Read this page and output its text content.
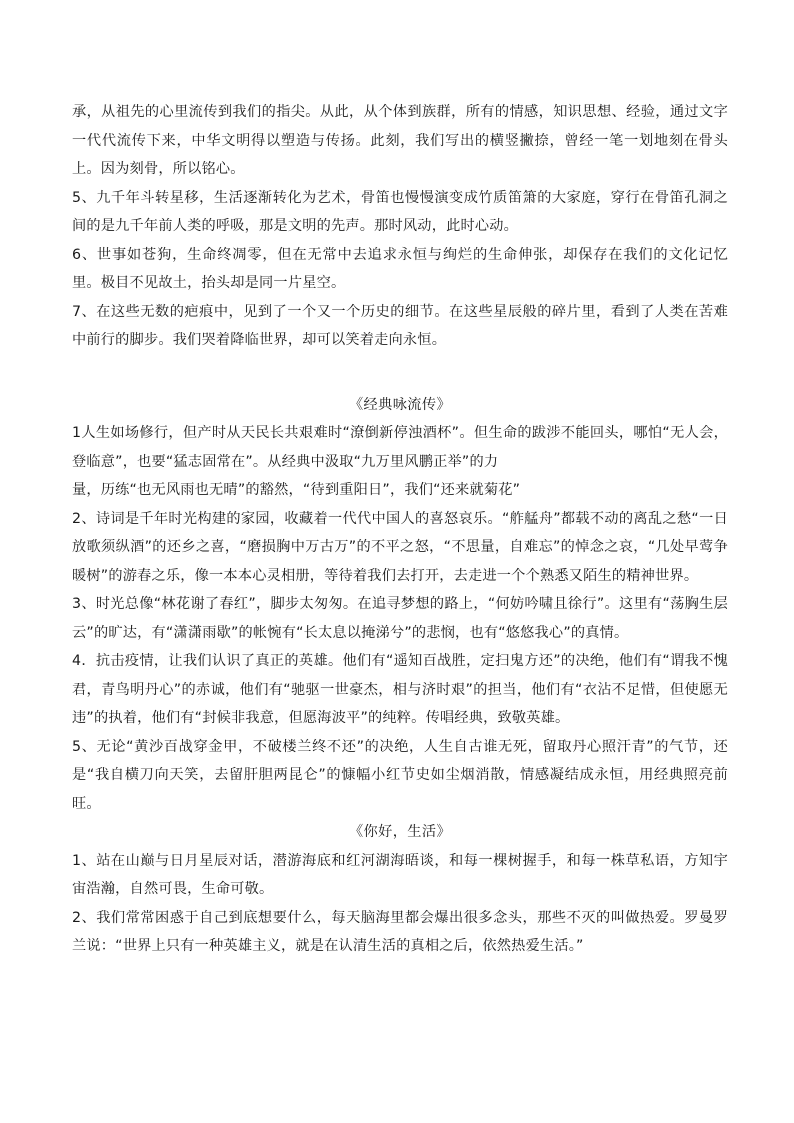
承，从祖先的心里流传到我们的指尖。从此，从个体到族群，所有的情感，知识思想、经验，通过文字一代代流传下来，中华文明得以塑造与传扬。此刻，我们写出的横竖撇捺，曾经一笔一划地刻在骨头上。因为刻骨，所以铭心。

5、九千年斗转星移，生活逐渐转化为艺术，骨笛也慢慢演变成竹质笛箫的大家庭，穿行在骨笛孔洞之间的是九千年前人类的呼吸，那是文明的先声。那时风动，此时心动。

6、世事如苍狗，生命终凋零，但在无常中去追求永恒与绚烂的生命伸张，却保存在我们的文化记忆里。极目不见故土，抬头却是同一片星空。

7、在这些无数的疤痕中，见到了一个又一个历史的细节。在这些星辰般的碎片里，看到了人类在苦难中前行的脚步。我们哭着降临世界，却可以笑着走向永恒。

《经典咏流传》

1人生如场修行，但产时从天民长共艰难时“潦倒新停浊酒杯”。但生命的跋涉不能回头，哪怕“无人会，登临意”，也要“猛志固常在”。从经典中汲取“九万里风鹏正举”的力

量，历练“也无风雨也无晴”的豁然，“待到重阳日”，我们“还来就菊花”

2、诗词是千年时光构建的家园，收藏着一代代中国人的喜怒哀乐。“舴艋舟”都载不动的离乱之愁“一日放歌须纵酒”的还乡之喜，“磨损胸中万古万”的不平之怒，“不思量，自难忘”的悼念之哀，“几处早莺争暖树”的游春之乐，像一本本心灵相册，等待着我们去打开，去走进一个个熟悉又陌生的精神世界。

3、时光总像“林花谢了春红”，脚步太匆匆。在追寻梦想的路上，“何妨吟啸且徐行”。这里有“荡胸生层云”的旷达，有“潇潇雨歇”的帐惋有“长太息以掩涕兮”的悲悯，也有“悠悠我心”的真情。

4．抗击疫情，让我们认识了真正的英雄。他们有“遥知百战胜，定扫鬼方还”的决绝，他们有“谓我不愧君，青鸟明丹心”的赤诚，他们有“驰驱一世豪杰，相与济时艰”的担当，他们有“衣沾不足惜，但使愿无违”的执着，他们有“封候非我意，但愿海波平”的纯粹。传唱经典，致敬英雄。

5、无论“黄沙百战穿金甲，不破楼兰终不还”的决绝，人生自古谁无死，留取丹心照汗青”的气节，还是“我自横刀向天笑，去留肝胆两昆仑”的慷幅小红节史如尘烟消散，情感凝结成永恒，用经典照亮前旺。

《你好，生活》

1、站在山巅与日月星辰对话，潜游海底和红河湖海晤谈，和每一棵树握手，和每一株草私语，方知宇宙浩瀚，自然可畏，生命可敬。

2、我们常常困惑于自己到底想要什么，每天脑海里都会爆出很多念头，那些不灭的叫做热爱。罗曼罗兰说：“世界上只有一种英雄主义，就是在认清生活的真相之后，依然热爱生活。”
